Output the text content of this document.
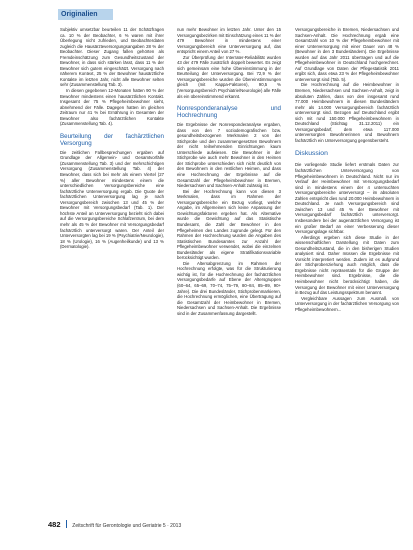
Originalien

Subjektiv umsetzbar beurteilen 11 der Schätzfragen ca. 10 % der Beobachter, 6 % waren mit ihrer Überlegung nicht zufrieden, und Beobachterdaten zugleich die Hausärzteversorgungsangaben 28 % der Beobachter. Dieser Zugang fallen gehörten als Fremdeinschätzung zum Gesundheitszustand der Bewohner, in dass sich stärken lässt, dass 11 % der Bewohner sich gutem eingeschätzt. Versorgung nach näherem Kontext, 25 % der Bewohner hausärztliche Kontakte im letzten Jahr, nicht alle Bewohner selten sehr (Zusammenstellung Tab. 3).

In diesen gegebenen 12-Monaten hatten 90 % der Bewohner mindestens einen hausärztlichen Kontakt. Insgesamt der 75 % Pflegeheimbewohner sieht, abnehmend der Fälle. Dagegen hatten im gleichen Zeitraum nur 41 % bei Ernährung in Gesamten der Bewohner also fachärztlichen Kontakte (Zusammenstellung Tab. 4).

Beurteilung der fachärztlichen Versorgung

Die zeitlichen Fallbesprechungen ergaben auf Grundlage der Allgemein- und Gesamtvorfälle (Zusammenstellung Tab. 3) und der mehrschichtigen Versorgung (Zusammenstellung Tab. 4) der Bewohner, dass sich bei mehr als einem Viertel (27 %) aller Bewohner mindestens einem die unterschiedlichen Versorgungsbereiche eine fachärztliche Unterversorgung ergab. Die Quote der fachärztlichen Unterversorgung lag je nach Versorgungsbereich zwischen 13 und 45 % der Bewohner mit Versorgungsbedarf (Tab. 1). Der höchste Anteil an Unterversorgung bezieht sich dabei auf die Versorgungsbereiche Schlafzentrum, bei dem mehr als 45 % der Bewohner mit Versorgungsbedarf fachärztlich unterversorgt waren. Der Anteil der Unterversorgten lag bei 19 % (Psychiatrie/Neurologie), 18 % (Urologie), 16 % (Augenheilkunde) und 13 % (Dermatologie).

nun mehr Bewohner im letzten Jahr. Unter den 15 Versorgungsbezirken mit Einschätzung eines 11 % der 479 Bewohner in mindestens einer Versorgungsbereich eine Unterversorgung auf, das entspricht einem Anteil von 27 %.

Zur Überprüfung der Interrater-Reliabilität wurden 43 der 479 Fälle zusätzlich doppelt bewertet. Es zeigt sich gemeinsam eine hohe Übereinstimmung in der Beurteilung der Unterversorgung. Bei 72,9 % der Versorgungsbereiche wurden die Übereinstimmungen gleich (mit Kappa-Faktoren), 90,5 % (Versorgungsbereich Psychiatrie/Neurologie) alle Fälle als ein übereinstimmend erkannt.

Nonresponderanalyse und Hochrechnung

Die Ergebnisse der Nonresponderanalyse ergaben, dass von den 7 soziodemografischen bzw. gesundheitsbezogenen Merkmalen 2 von der Stichprobe und den zusammengesetzten Bewohnern der nicht teilnehmenden Einrichtungen kaum Unterschiede aufwiesen. Die Bewohner in der Stichprobe wie auch mehr Bewohner in den Heimen der Stichprobe unterschieden sich nicht deutlich von den Bewohnern in den restlichen Heimen, und dass eine Hochrechnung der Ergebnisse auf die Gesamtzahl der Pflegeheimbewohner in Bremen, Niedersachsen und Sachsen-Anhalt zulässig ist.

Bei der Hochrechnung kann von diesen 3 Merkmalen, dass im Rahmen der Versorgungsbereiche ein Bezug vorliegt, welche Angabe, im Allgemeinen sich keine Anpassung der Gewichtungsfaktoren ergeben hat. Als Alternative wurde die Gewichtung auf das Statistische Bundesamt, die Zahl der Bewohner in den Pflegeheimen des Landes zugrunde gelegt. Für den Rahmen der Hochrechnung wurden die Angaben des Statistischen Bundesamtes zur Anzahl der Pflegeheimbewohner verwendet, wobei die einzelnen Bundesländer als eigene Stratifikationsvariable berücksichtigt wurden.

Die Altersabgrenzung im Rahmen der Hochrechnung erfolgte, was für die Strukturierung wichtig ist, für die Hochrechnung der fachärztlichen Versorgungsbedarfe auf Ebene der Altersgruppen (60–64, 65–69, 70–74, 75–79, 80–84, 85–89, 90+ Jahre). Die drei Bundesländer, Stichprobenmarkieren, die Hochrechnung ermöglichen, eine Übertragung auf die Gesamtzahl der Heimbewohner in Bremen, Niedersachsen und Sachsen-Anhalt. Die Ergebnisse sind in der Zusammenfassung dargestellt.

Versorgungsbereiche in Bremen, Niedersachsen und Sachsen-Anhalt. Die Hochrechnung ergab eine Gesamtzahl von 10 % der Pflegeheimbewohner mit einer Unterversorgung mit einer Dauer von 48 % (Bewohner in den 3 Bundesländern). Die Ergebnisse wurden auf das Jahr 2011 übertragen und auf die Pflegeheimbewohner in Deutschland hochgerechnet. Auf Grundlage von Daten der Pflegestatistik 2011 ergibt sich, dass etwa 23 % der Pflegeheimbewohner unterversorgt sind (Tab. 5).

Die Hochrechnung auf die Heimbewohner in Bremen, Niedersachsen und Sachsen-Anhalt, zeigt in absoluten Zahlen, dass von den insgesamt rund 77.000 Heimbewohnern in diesen Bundesländern mehr als 14.000 Versorgungsbereich fachärztlich unterversorgt sind. Bezogen auf Deutschland ergibt sich mit rund 150.000 Pflegeheimbewohnern in Deutschland (Stichtag 31.12.2011) ein Versorgungsbedarf, dem etwa 117.000 unterversorgten Bewohnerinnen und Bewohnern fachärztlich ein Unterversorgung gegenübersteht.

Diskussion

Die vorliegende Studie liefert erstmals Daten zur fachärztlichen Unterversorgung von Pflegeheimbewohnern in Deutschland. Nicht nur im Verlauf der Heimbewohner mit Versorgungsbedarf sind in mindestens einem der 4 untersuchten Versorgungsbereiche unterversorgt – im absoluten Zahlen entspricht dies rund 20.000 Heimbewohnern in Deutschland. Je nach Versorgungsbereich sind zwischen 13 und 45 % der Bewohner mit Versorgungsbedarf fachärztlich unterversorgt. Insbesondere bei der augenärztlichen Versorgung ist ein großer Bedarf an einer Verbesserung dieser Versorgungslage sichtbar.

Allerdings ergeben sich diese Studie in der wissenschaftlichen Darstellung mit Daten zum Gesundheitszustand, die in den bisherigen Studien analysiert sind. Daher müssen die Ergebnisse mit Vorsicht interpretiert werden. Zudem ist es aufgrund der Stichprobenziehung auch möglich, dass die Ergebnisse nicht repräsentativ für die Gruppe der Heimbewohner sind. Ergebnisse, die die Heimbewohner nicht berücksichtigt haben, die Versorgung der Bewohner mit einer Unterversorgung in Bezug auf das Leistungsspektrum benannt.

Vergleichbare Aussagen zum Ausmaß von Unterversorgung in der fachärztlichen Versorgung von Pflegeheimbewohnern...

482 Zeitschrift für Gerontologie und Geriatrie 5 · 2013
